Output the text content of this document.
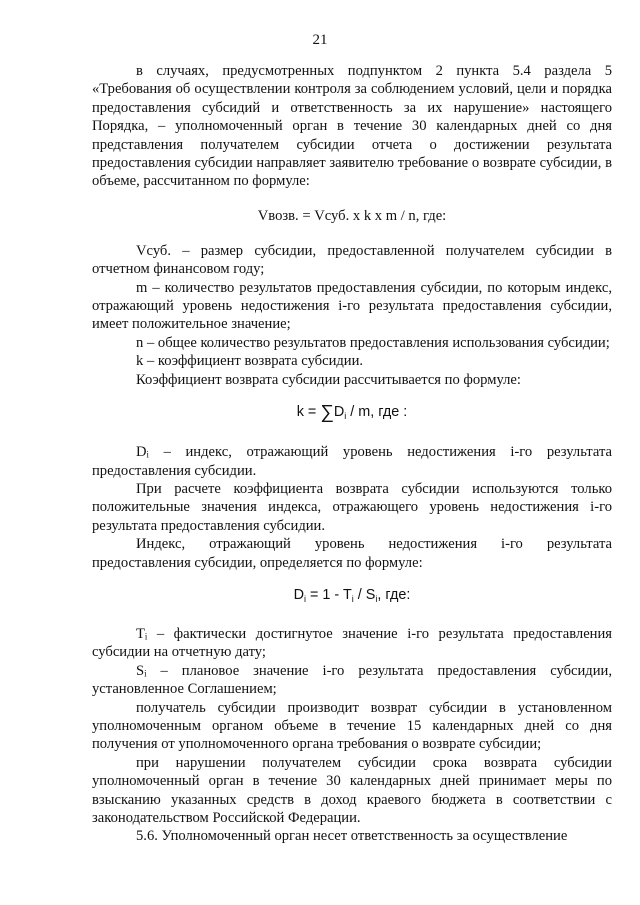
21

в случаях, предусмотренных подпунктом 2 пункта 5.4 раздела 5 «Требования об осуществлении контроля за соблюдением условий, цели и порядка предоставления субсидий и ответственность за их нарушение» настоящего Порядка, – уполномоченный орган в течение 30 календарных дней со дня представления получателем субсидии отчета о достижении результата предоставления субсидии направляет заявителю требование о возврате субсидии, в объеме, рассчитанном по формуле:

Vвозв. = Vсуб. x k x m / n, где:

Vсуб. – размер субсидии, предоставленной получателем субсидии в отчетном финансовом году;

m – количество результатов предоставления субсидии, по которым индекс, отражающий уровень недостижения i-го результата предоставления субсидии, имеет положительное значение;

n – общее количество результатов предоставления использования субсидии;

k – коэффициент возврата субсидии.

Коэффициент возврата субсидии рассчитывается по формуле:

$k = \sum D_i / m$, где :

Dᵢ – индекс, отражающий уровень недостижения i-го результата предоставления субсидии.

При расчете коэффициента возврата субсидии используются только положительные значения индекса, отражающего уровень недостижения i-го результата предоставления субсидии.

Индекс, отражающий уровень недостижения i-го результата предоставления субсидии, определяется по формуле:

$D_i = 1 - T_i / S_i$, где:

Tᵢ – фактически достигнутое значение i-го результата предоставления субсидии на отчетную дату;

Sᵢ – плановое значение i-го результата предоставления субсидии, установленное Соглашением;

получатель субсидии производит возврат субсидии в установленном уполномоченным органом объеме в течение 15 календарных дней со дня получения от уполномоченного органа требования о возврате субсидии;

при нарушении получателем субсидии срока возврата субсидии уполномоченный орган в течение 30 календарных дней принимает меры по взысканию указанных средств в доход краевого бюджета в соответствии с законодательством Российской Федерации.

5.6. Уполномоченный орган несет ответственность за осуществление
